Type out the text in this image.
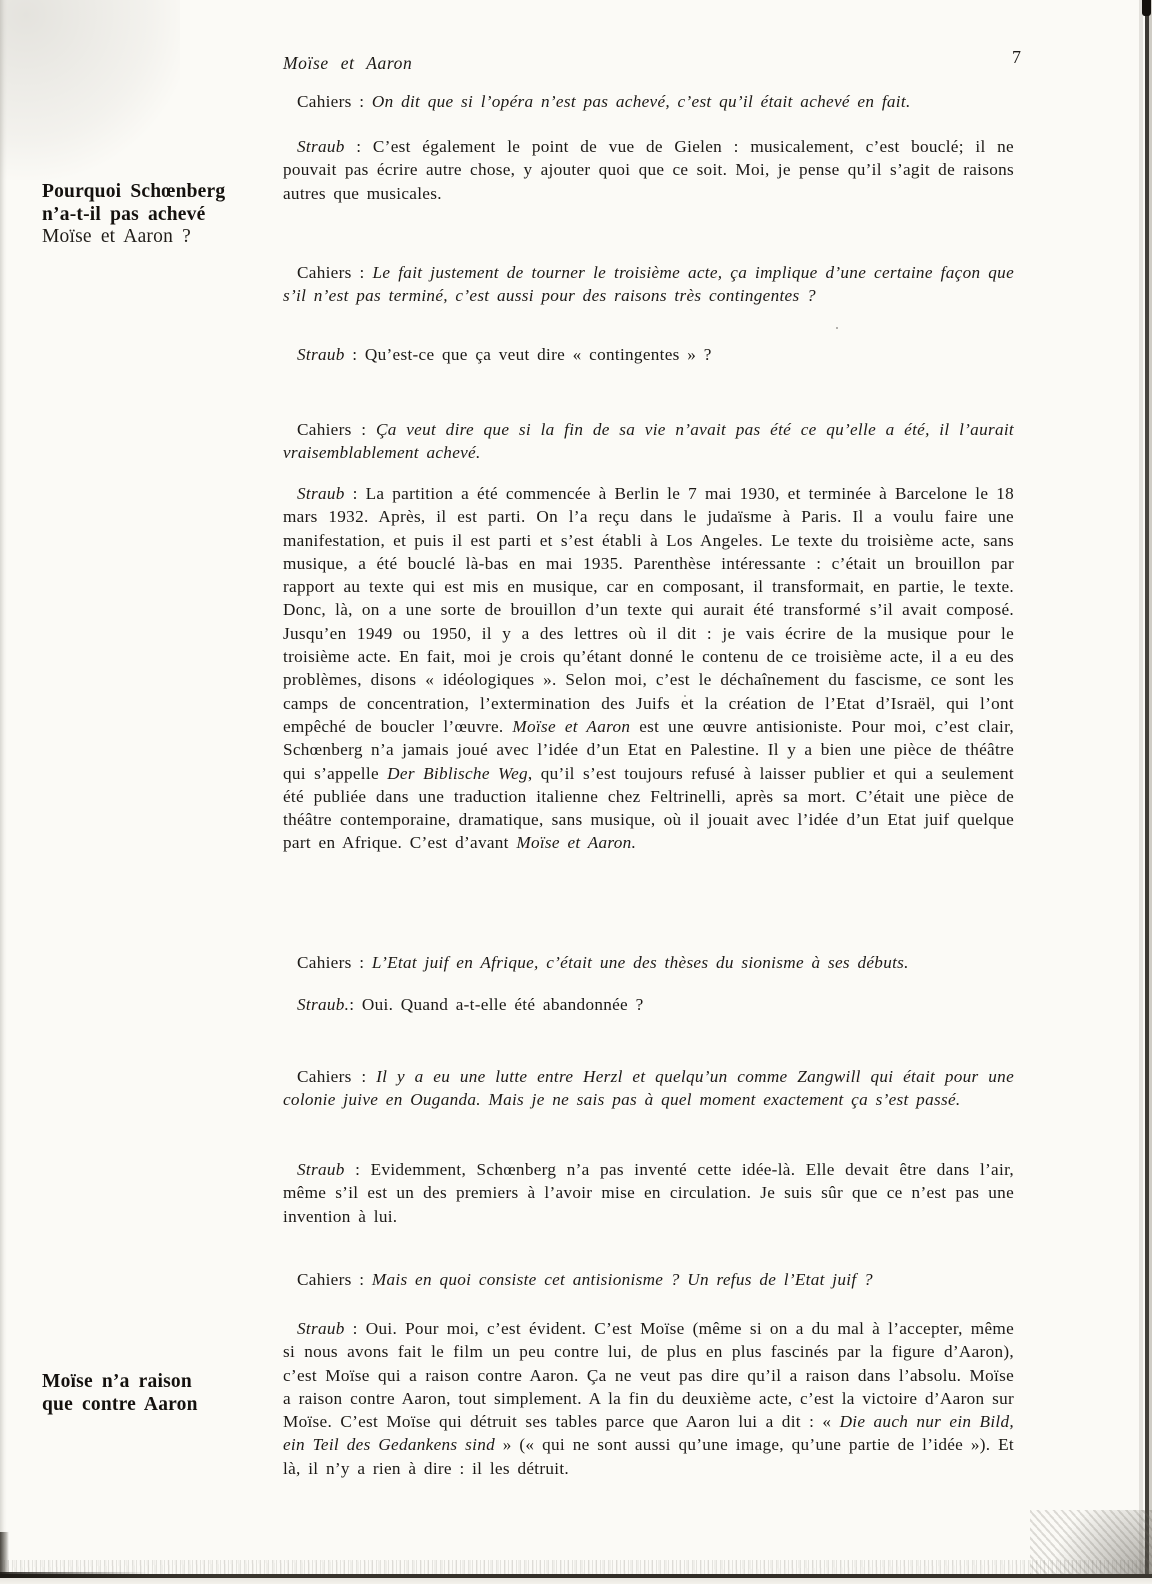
Moïse et Aaron	7
Pourquoi Schœnberg
n’a-t-il pas achevé
Moïse et Aaron ?
Moïse n’a raison
que contre Aaron
Cahiers : On dit que si l’opéra n’est pas achevé, c’est qu’il était achevé en fait.
Straub : C’est également le point de vue de Gielen : musicalement, c’est bouclé; il ne pouvait pas écrire autre chose, y ajouter quoi que ce soit. Moi, je pense qu’il s’agit de raisons autres que musicales.
Cahiers : Le fait justement de tourner le troisième acte, ça implique d’une certaine façon que s’il n’est pas terminé, c’est aussi pour des raisons très contingentes ?
Straub : Qu’est-ce que ça veut dire « contingentes » ?
Cahiers : Ça veut dire que si la fin de sa vie n’avait pas été ce qu’elle a été, il l’aurait vraisemblablement achevé.
Straub : La partition a été commencée à Berlin le 7 mai 1930, et terminée à Barcelone le 18 mars 1932. Après, il est parti. On l’a reçu dans le judaïsme à Paris. Il a voulu faire une manifestation, et puis il est parti et s’est établi à Los Angeles. Le texte du troisième acte, sans musique, a été bouclé là-bas en mai 1935. Parenthèse intéressante : c’était un brouillon par rapport au texte qui est mis en musique, car en composant, il transformait, en partie, le texte. Donc, là, on a une sorte de brouillon d’un texte qui aurait été transformé s’il avait composé. Jusqu’en 1949 ou 1950, il y a des lettres où il dit : je vais écrire de la musique pour le troisième acte. En fait, moi je crois qu’étant donné le contenu de ce troisième acte, il a eu des problèmes, disons « idéologiques ». Selon moi, c’est le déchaînement du fascisme, ce sont les camps de concentration, l’extermination des Juifs et la création de l’Etat d’Israël, qui l’ont empêché de boucler l’œuvre. Moïse et Aaron est une œuvre antisioniste. Pour moi, c’est clair, Schœnberg n’a jamais joué avec l’idée d’un Etat en Palestine. Il y a bien une pièce de théâtre qui s’appelle Der Biblische Weg, qu’il s’est toujours refusé à laisser publier et qui a seulement été publiée dans une traduction italienne chez Feltrinelli, après sa mort. C’était une pièce de théâtre contemporaine, dramatique, sans musique, où il jouait avec l’idée d’un Etat juif quelque part en Afrique. C’est d’avant Moïse et Aaron.
Cahiers : L’Etat juif en Afrique, c’était une des thèses du sionisme à ses débuts.
Straub.: Oui. Quand a-t-elle été abandonnée ?
Cahiers : Il y a eu une lutte entre Herzl et quelqu’un comme Zangwill qui était pour une colonie juive en Ouganda. Mais je ne sais pas à quel moment exactement ça s’est passé.
Straub : Evidemment, Schœnberg n’a pas inventé cette idée-là. Elle devait être dans l’air, même s’il est un des premiers à l’avoir mise en circulation. Je suis sûr que ce n’est pas une invention à lui.
Cahiers : Mais en quoi consiste cet antisionisme ? Un refus de l’Etat juif ?
Straub : Oui. Pour moi, c’est évident. C’est Moïse (même si on a du mal à l’accepter, même si nous avons fait le film un peu contre lui, de plus en plus fascinés par la figure d’Aaron), c’est Moïse qui a raison contre Aaron. Ça ne veut pas dire qu’il a raison dans l’absolu. Moïse a raison contre Aaron, tout simplement. A la fin du deuxième acte, c’est la victoire d’Aaron sur Moïse. C’est Moïse qui détruit ses tables parce que Aaron lui a dit : « Die auch nur ein Bild, ein Teil des Gedankens sind » (« qui ne sont aussi qu’une image, qu’une partie de l’idée »). Et là, il n’y a rien à dire : il les détruit.
